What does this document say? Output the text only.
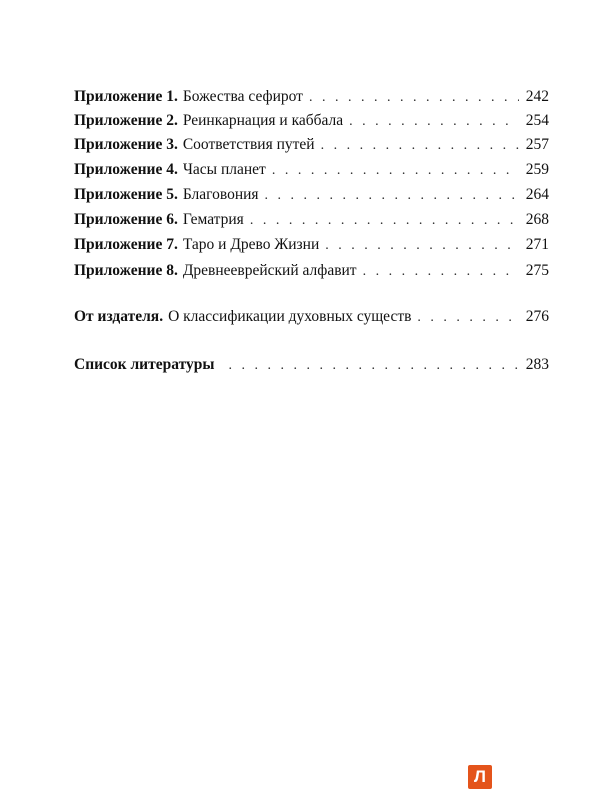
Приложение 1. Божества сефирот . . .	242
Приложение 2. Реинкарнация и каббала . . .	254
Приложение 3. Соответствия путей . . .	257
Приложение 4. Часы планет . . .	259
Приложение 5. Благовония . . .	264
Приложение 6. Гематрия . . .	268
Приложение 7. Таро и Древо Жизни . . .	271
Приложение 8. Древнееврейский алфавит . . .	275
От издателя. О классификации духовных существ . . .	276
Список литературы . . .	283
Л
